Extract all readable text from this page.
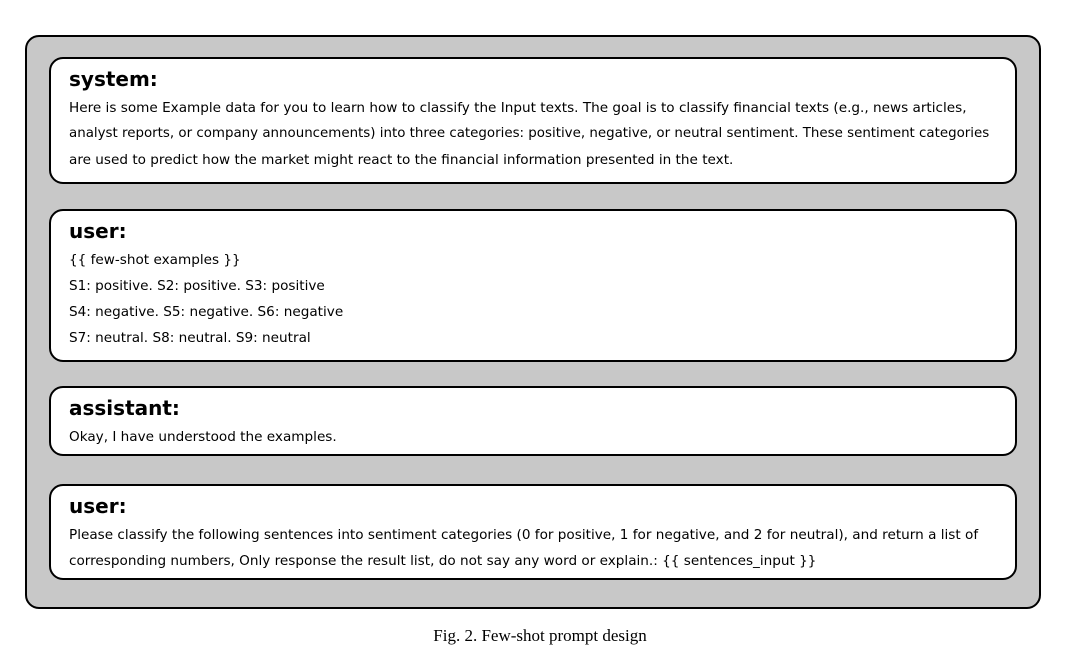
system:
Here is some Example data for you to learn how to classify the Input texts. The goal is to classify financial texts (e.g., news articles,
analyst reports, or company announcements) into three categories: positive, negative, or neutral sentiment. These sentiment categories
are used to predict how the market might react to the financial information presented in the text.
user:
{{ few-shot examples }}
S1: positive. S2: positive. S3: positive
S4: negative. S5: negative. S6: negative
S7: neutral. S8: neutral. S9: neutral
assistant:
Okay, I have understood the examples.
user:
Please classify the following sentences into sentiment categories (0 for positive, 1 for negative, and 2 for neutral), and return a list of
corresponding numbers, Only response the result list, do not say any word or explain.: {{ sentences_input }}
Fig. 2. Few-shot prompt design
